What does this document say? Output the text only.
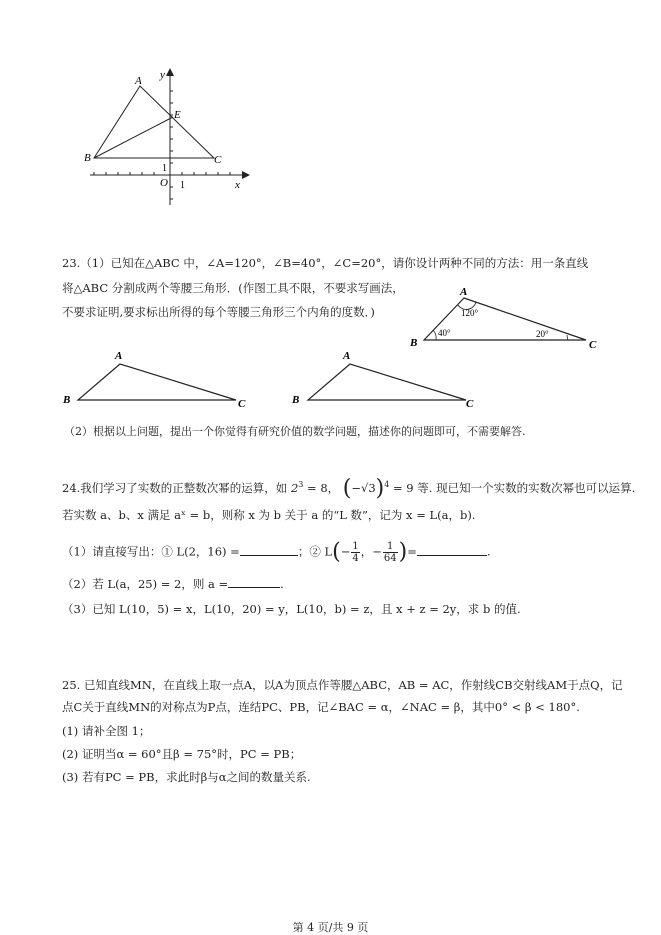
A
B	C
E
O	x
y
1
1
23.（1）已知在△ABC 中，∠A=120°，∠B=40°，∠C=20°，请你设计两种不同的方法：用一条直线
将△ABC 分割成两个等腰三角形．(作图工具不限，不要求写画法，
不要求证明,要求标出所得的每个等腰三角形三个内角的度数．)
A
B	C
120°
40°	20°
A
B	C
A
B	C
（2）根据以上问题，提出一个你觉得有研究价值的数学问题，描述你的问题即可，不需要解答.
24.我们学习了实数的正整数次幂的运算，如 $2^3 = 8$， $(-√3)^4 = 9$ 等. 现已知一个实数的实数次幂也可以运算.
若实数 a、b、x 满足 aˣ = b，则称 x 为 b 关于 a 的“L 数”，记为 x = L(a，b).
（1）请直接写出：① L(2，16) =	；② $L(- \frac{1}{4}$ ，− $\frac{1}{64}$ )=	.
（2）若 L(a，25) = 2，则 a =	.
（3）已知 L(10，5) = x，L(10，20) = y，L(10，b) = z，且 x + z = 2y，求 b 的值.
25. 已知直线MN，在直线上取一点A，以A为顶点作等腰△ABC，AB = AC，作射线CB交射线AM于点Q，记
点C关于直线MN的对称点为P点，连结PC、PB，记∠BAC = α，∠NAC = β，其中0° < β < 180°.
(1) 请补全图 1；
(2) 证明当α = 60°且β = 75°时，PC = PB；
(3) 若有PC = PB，求此时β与α之间的数量关系.
第 4 页/共 9 页
